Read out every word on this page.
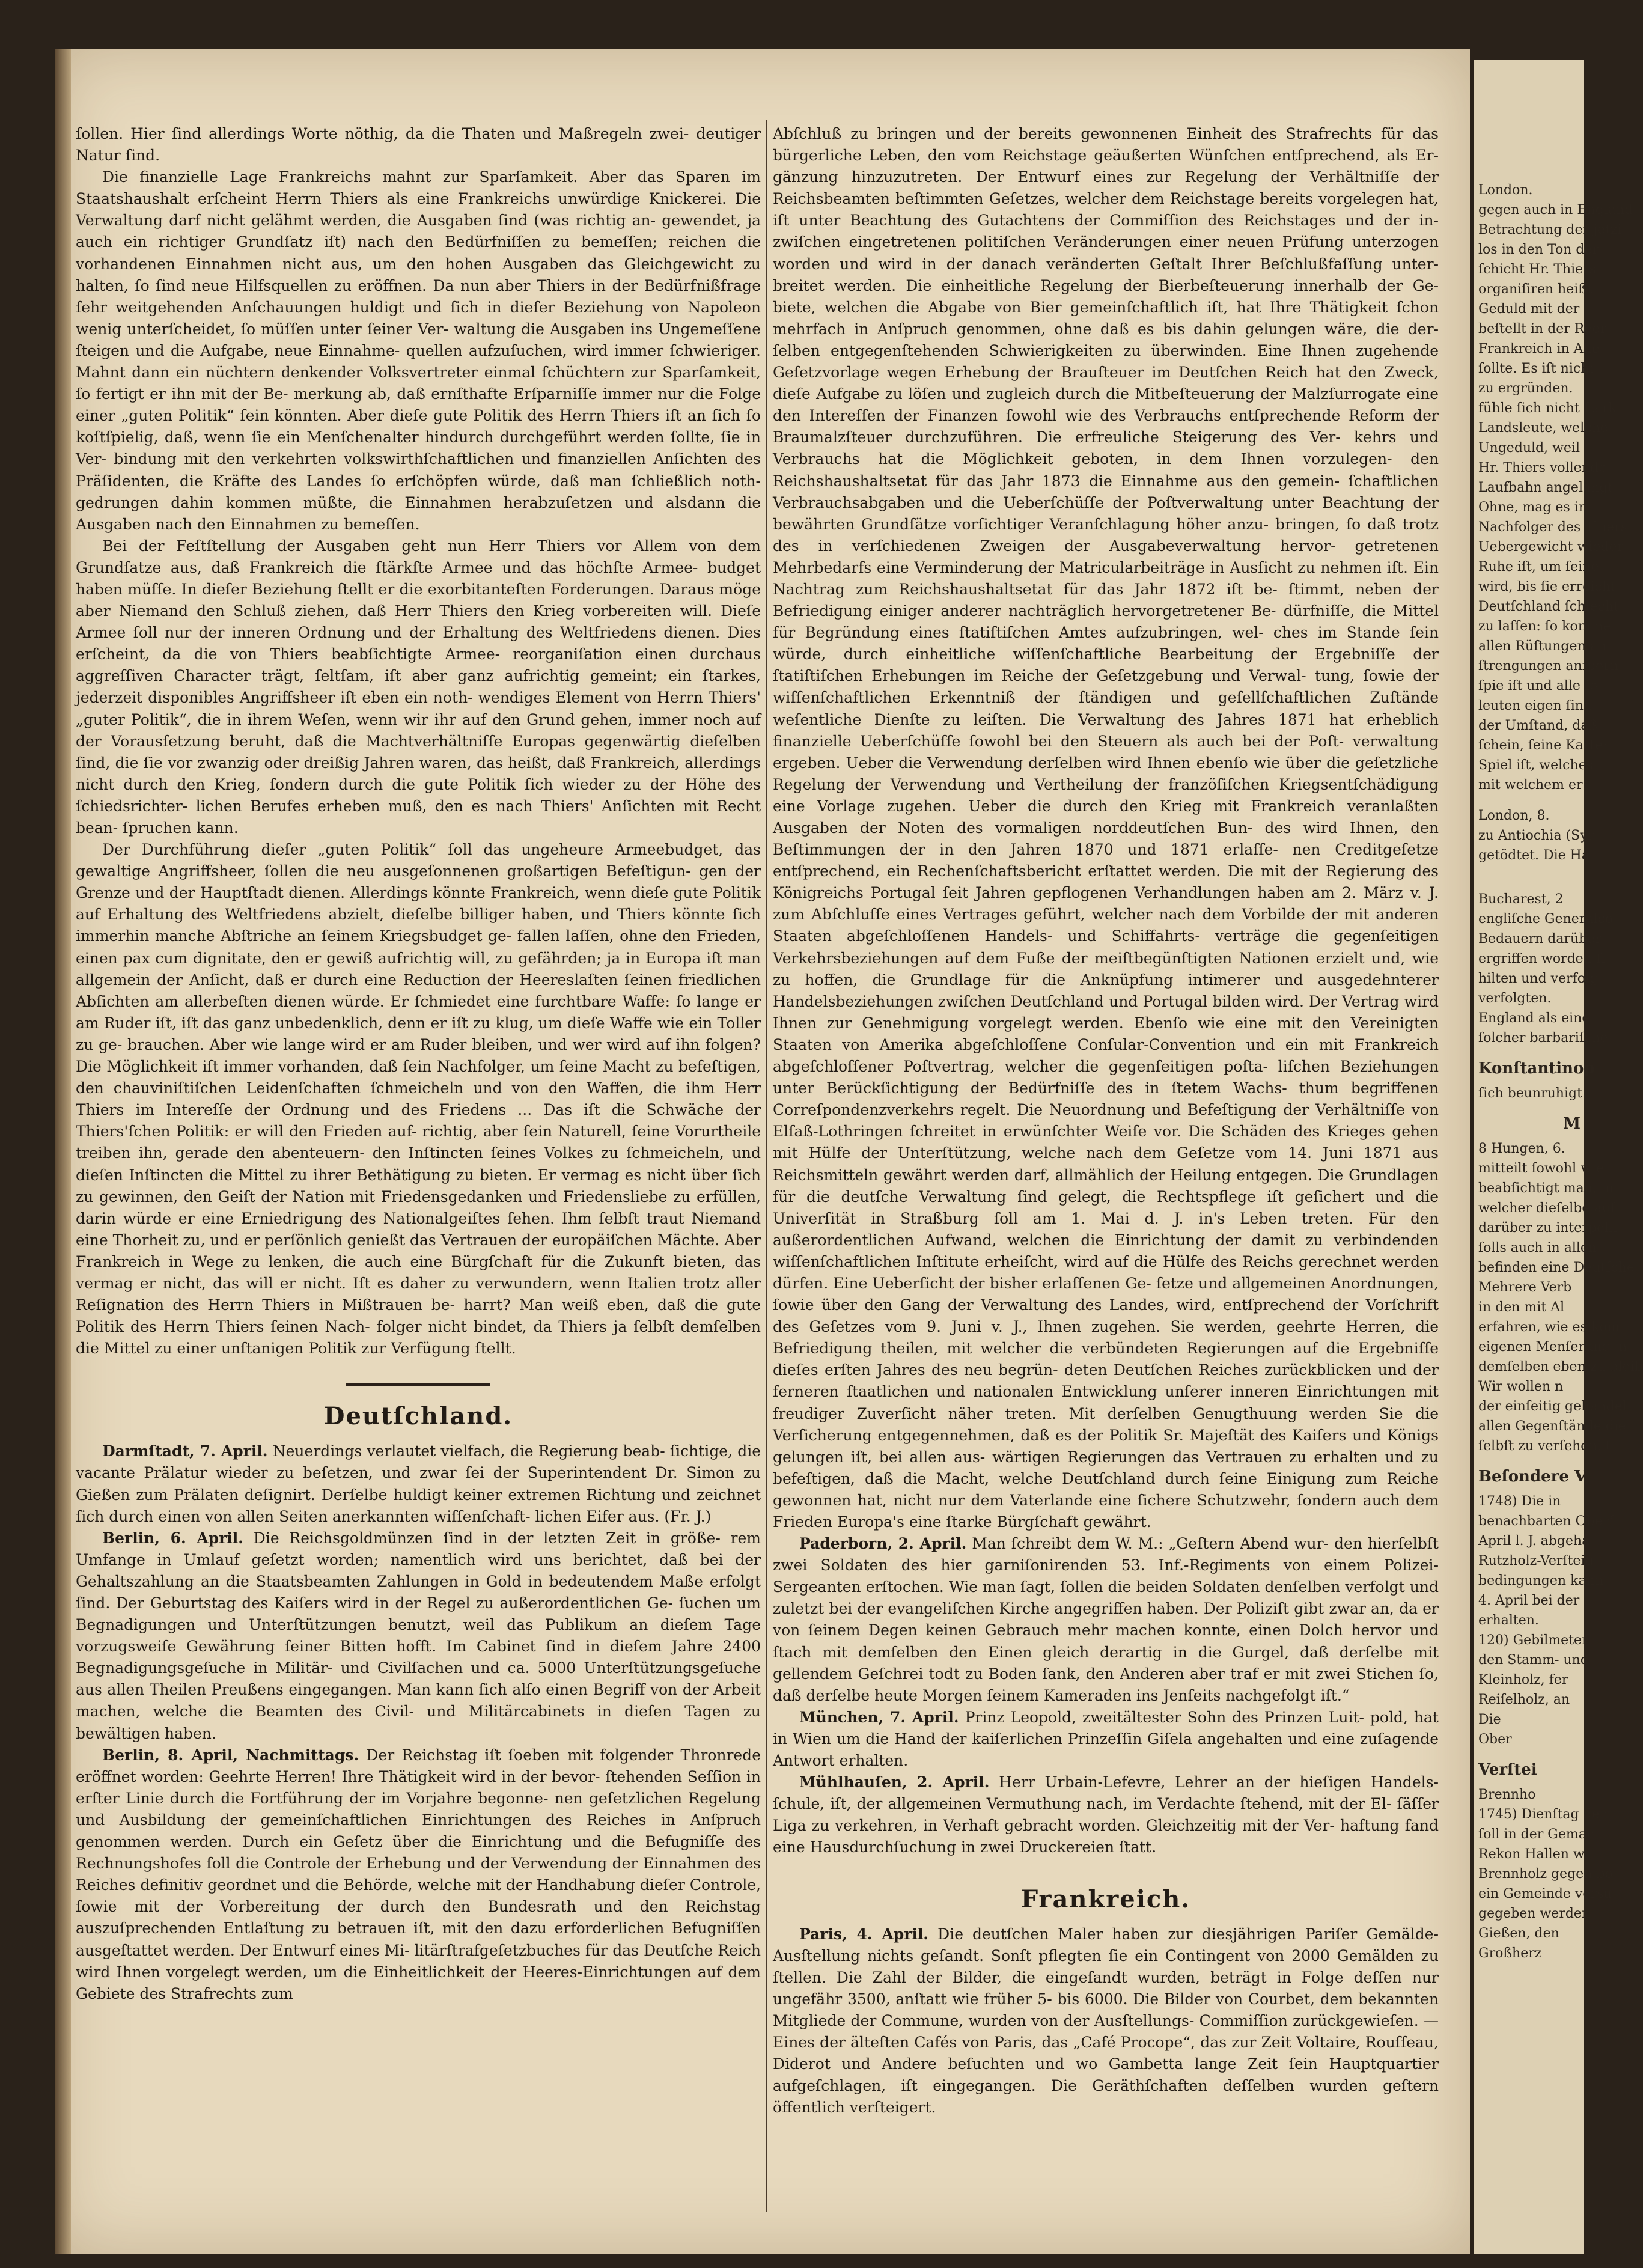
ſollen. Hier ſind allerdings Worte nöthig, da die Thaten und Maßregeln zwei- deutiger Natur ſind.

Die finanzielle Lage Frankreichs mahnt zur Sparſamkeit. Aber das Sparen im Staatshaushalt erſcheint Herrn Thiers als eine Frankreichs unwürdige Knickerei. Die Verwaltung darf nicht gelähmt werden, die Ausgaben ſind (was richtig an- gewendet, ja auch ein richtiger Grundſatz iſt) nach den Bedürfniſſen zu bemeſſen; reichen die vorhandenen Einnahmen nicht aus, um den hohen Ausgaben das Gleichgewicht zu halten, ſo ſind neue Hilfsquellen zu eröffnen. Da nun aber Thiers in der Bedürfnißfrage ſehr weitgehenden Anſchauungen huldigt und ſich in dieſer Beziehung von Napoleon wenig unterſcheidet, ſo müſſen unter ſeiner Ver- waltung die Ausgaben ins Ungemeſſene ſteigen und die Aufgabe, neue Einnahme- quellen aufzuſuchen, wird immer ſchwieriger. Mahnt dann ein nüchtern denkender Volksvertreter einmal ſchüchtern zur Sparſamkeit, ſo fertigt er ihn mit der Be- merkung ab, daß ernſthafte Erſparniſſe immer nur die Folge einer „guten Politik“ ſein könnten. Aber dieſe gute Politik des Herrn Thiers iſt an ſich ſo koſtſpielig, daß, wenn ſie ein Menſchenalter hindurch durchgeführt werden ſollte, ſie in Ver- bindung mit den verkehrten volkswirthſchaftlichen und finanziellen Anſichten des Präſidenten, die Kräfte des Landes ſo erſchöpfen würde, daß man ſchließlich noth- gedrungen dahin kommen müßte, die Einnahmen herabzuſetzen und alsdann die Ausgaben nach den Einnahmen zu bemeſſen.

Bei der Feſtſtellung der Ausgaben geht nun Herr Thiers vor Allem von dem Grundſatze aus, daß Frankreich die ſtärkſte Armee und das höchſte Armee- budget haben müſſe. In dieſer Beziehung ſtellt er die exorbitanteſten Forderungen. Daraus möge aber Niemand den Schluß ziehen, daß Herr Thiers den Krieg vorbereiten will. Dieſe Armee ſoll nur der inneren Ordnung und der Erhaltung des Weltfriedens dienen. Dies erſcheint, da die von Thiers beabſichtigte Armee- reorganiſation einen durchaus aggreſſiven Character trägt, ſeltſam, iſt aber ganz aufrichtig gemeint; ein ſtarkes, jederzeit disponibles Angriffsheer iſt eben ein noth- wendiges Element von Herrn Thiers' „guter Politik“, die in ihrem Weſen, wenn wir ihr auf den Grund gehen, immer noch auf der Vorausſetzung beruht, daß die Machtverhältniſſe Europas gegenwärtig dieſelben ſind, die ſie vor zwanzig oder dreißig Jahren waren, das heißt, daß Frankreich, allerdings nicht durch den Krieg, ſondern durch die gute Politik ſich wieder zu der Höhe des ſchiedsrichter- lichen Berufes erheben muß, den es nach Thiers' Anſichten mit Recht bean- ſpruchen kann.

Der Durchführung dieſer „guten Politik“ ſoll das ungeheure Armeebudget, das gewaltige Angriffsheer, ſollen die neu ausgeſonnenen großartigen Befeſtigun- gen der Grenze und der Hauptſtadt dienen. Allerdings könnte Frankreich, wenn dieſe gute Politik auf Erhaltung des Weltfriedens abzielt, dieſelbe billiger haben, und Thiers könnte ſich immerhin manche Abſtriche an ſeinem Kriegsbudget ge- fallen laſſen, ohne den Frieden, einen pax cum dignitate, den er gewiß aufrichtig will, zu gefährden; ja in Europa iſt man allgemein der Anſicht, daß er durch eine Reduction der Heereslaſten ſeinen friedlichen Abſichten am allerbeſten dienen würde. Er ſchmiedet eine furchtbare Waffe: ſo lange er am Ruder iſt, iſt das ganz unbedenklich, denn er iſt zu klug, um dieſe Waffe wie ein Toller zu ge- brauchen. Aber wie lange wird er am Ruder bleiben, und wer wird auf ihn folgen? Die Möglichkeit iſt immer vorhanden, daß ſein Nachfolger, um ſeine Macht zu befeſtigen, den chauviniſtiſchen Leidenſchaften ſchmeicheln und von den Waffen, die ihm Herr Thiers im Intereſſe der Ordnung und des Friedens ... Das iſt die Schwäche der Thiers'ſchen Politik: er will den Frieden auf- richtig, aber ſein Naturell, ſeine Vorurtheile treiben ihn, gerade den abenteuern- den Inſtincten ſeines Volkes zu ſchmeicheln, und dieſen Inſtincten die Mittel zu ihrer Bethätigung zu bieten. Er vermag es nicht über ſich zu gewinnen, den Geiſt der Nation mit Friedensgedanken und Friedensliebe zu erfüllen, darin würde er eine Erniedrigung des Nationalgeiſtes ſehen. Ihm ſelbſt traut Niemand eine Thorheit zu, und er perſönlich genießt das Vertrauen der europäiſchen Mächte. Aber Frankreich in Wege zu lenken, die auch eine Bürgſchaft für die Zukunft bieten, das vermag er nicht, das will er nicht. Iſt es daher zu verwundern, wenn Italien trotz aller Reſignation des Herrn Thiers in Mißtrauen be- harrt? Man weiß eben, daß die gute Politik des Herrn Thiers ſeinen Nach- folger nicht bindet, da Thiers ja ſelbſt demſelben die Mittel zu einer unſtanigen Politik zur Verfügung ſtellt.

Deutſchland.

Darmſtadt, 7. April. Neuerdings verlautet vielfach, die Regierung beab- ſichtige, die vacante Prälatur wieder zu beſetzen, und zwar ſei der Superintendent Dr. Simon zu Gießen zum Prälaten deſignirt. Derſelbe huldigt keiner extremen Richtung und zeichnet ſich durch einen von allen Seiten anerkannten wiſſenſchaft- lichen Eifer aus. (Fr. J.)

Berlin, 6. April. Die Reichsgoldmünzen ſind in der letzten Zeit in größe- rem Umfange in Umlauf geſetzt worden; namentlich wird uns berichtet, daß bei der Gehaltszahlung an die Staatsbeamten Zahlungen in Gold in bedeutendem Maße erfolgt ſind. Der Geburtstag des Kaiſers wird in der Regel zu außerordentlichen Ge- ſuchen um Begnadigungen und Unterſtützungen benutzt, weil das Publikum an dieſem Tage vorzugsweiſe Gewährung ſeiner Bitten hofft. Im Cabinet ſind in dieſem Jahre 2400 Begnadigungsgeſuche in Militär- und Civilſachen und ca. 5000 Unterſtützungsgeſuche aus allen Theilen Preußens eingegangen. Man kann ſich alſo einen Begriff von der Arbeit machen, welche die Beamten des Civil- und Militärcabinets in dieſen Tagen zu bewältigen haben.

Berlin, 8. April, Nachmittags. Der Reichstag iſt ſoeben mit folgender Thronrede eröffnet worden: Geehrte Herren! Ihre Thätigkeit wird in der bevor- ſtehenden Seſſion in erſter Linie durch die Fortführung der im Vorjahre begonne- nen geſetzlichen Regelung und Ausbildung der gemeinſchaftlichen Einrichtungen des Reiches in Anſpruch genommen werden. Durch ein Geſetz über die Einrichtung und die Befugniſſe des Rechnungshofes ſoll die Controle der Erhebung und der Verwendung der Einnahmen des Reiches definitiv geordnet und die Behörde, welche mit der Handhabung dieſer Controle, ſowie mit der Vorbereitung der durch den Bundesrath und den Reichstag auszuſprechenden Entlaſtung zu betrauen iſt, mit den dazu erforderlichen Befugniſſen ausgeſtattet werden. Der Entwurf eines Mi- litärſtrafgeſetzbuches für das Deutſche Reich wird Ihnen vorgelegt werden, um die Einheitlichkeit der Heeres-Einrichtungen auf dem Gebiete des Strafrechts zum

Abſchluß zu bringen und der bereits gewonnenen Einheit des Strafrechts für das bürgerliche Leben, den vom Reichstage geäußerten Wünſchen entſprechend, als Er- gänzung hinzuzutreten. Der Entwurf eines zur Regelung der Verhältniſſe der Reichsbeamten beſtimmten Geſetzes, welcher dem Reichstage bereits vorgelegen hat, iſt unter Beachtung des Gutachtens der Commiſſion des Reichstages und der in- zwiſchen eingetretenen politiſchen Veränderungen einer neuen Prüfung unterzogen worden und wird in der danach veränderten Geſtalt Ihrer Beſchlußfaſſung unter- breitet werden. Die einheitliche Regelung der Bierbeſteuerung innerhalb der Ge- biete, welchen die Abgabe von Bier gemeinſchaftlich iſt, hat Ihre Thätigkeit ſchon mehrfach in Anſpruch genommen, ohne daß es bis dahin gelungen wäre, die der- ſelben entgegenſtehenden Schwierigkeiten zu überwinden. Eine Ihnen zugehende Geſetzvorlage wegen Erhebung der Brauſteuer im Deutſchen Reich hat den Zweck, dieſe Aufgabe zu löſen und zugleich durch die Mitbeſteuerung der Malzſurrogate eine den Intereſſen der Finanzen ſowohl wie des Verbrauchs entſprechende Reform der Braumalzſteuer durchzuführen. Die erfreuliche Steigerung des Ver- kehrs und Verbrauchs hat die Möglichkeit geboten, in dem Ihnen vorzulegen- den Reichshaushaltsetat für das Jahr 1873 die Einnahme aus den gemein- ſchaftlichen Verbrauchsabgaben und die Ueberſchüſſe der Poſtverwaltung unter Beachtung der bewährten Grundſätze vorſichtiger Veranſchlagung höher anzu- bringen, ſo daß trotz des in verſchiedenen Zweigen der Ausgabeverwaltung hervor- getretenen Mehrbedarfs eine Verminderung der Matricularbeiträge in Ausſicht zu nehmen iſt. Ein Nachtrag zum Reichshaushaltsetat für das Jahr 1872 iſt be- ſtimmt, neben der Befriedigung einiger anderer nachträglich hervorgetretener Be- dürfniſſe, die Mittel für Begründung eines ſtatiſtiſchen Amtes aufzubringen, wel- ches im Stande ſein würde, durch einheitliche wiſſenſchaftliche Bearbeitung der Ergebniſſe der ſtatiſtiſchen Erhebungen im Reiche der Geſetzgebung und Verwal- tung, ſowie der wiſſenſchaftlichen Erkenntniß der ſtändigen und geſellſchaftlichen Zuſtände weſentliche Dienſte zu leiſten. Die Verwaltung des Jahres 1871 hat erheblich finanzielle Ueberſchüſſe ſowohl bei den Steuern als auch bei der Poſt- verwaltung ergeben. Ueber die Verwendung derſelben wird Ihnen ebenſo wie über die geſetzliche Regelung der Verwendung und Vertheilung der franzöſiſchen Kriegsentſchädigung eine Vorlage zugehen. Ueber die durch den Krieg mit Frankreich veranlaßten Ausgaben der Noten des vormaligen norddeutſchen Bun- des wird Ihnen, den Beſtimmungen der in den Jahren 1870 und 1871 erlaſſe- nen Creditgeſetze entſprechend, ein Rechenſchaftsbericht erſtattet werden. Die mit der Regierung des Königreichs Portugal ſeit Jahren gepflogenen Verhandlungen haben am 2. März v. J. zum Abſchluſſe eines Vertrages geführt, welcher nach dem Vorbilde der mit anderen Staaten abgeſchloſſenen Handels- und Schiffahrts- verträge die gegenſeitigen Verkehrsbeziehungen auf dem Fuße der meiſtbegünſtigten Nationen erzielt und, wie zu hoffen, die Grundlage für die Anknüpfung intimerer und ausgedehnterer Handelsbeziehungen zwiſchen Deutſchland und Portugal bilden wird. Der Vertrag wird Ihnen zur Genehmigung vorgelegt werden. Ebenſo wie eine mit den Vereinigten Staaten von Amerika abgeſchloſſene Conſular-Convention und ein mit Frankreich abgeſchloſſener Poſtvertrag, welcher die gegenſeitigen poſta- liſchen Beziehungen unter Berückſichtigung der Bedürfniſſe des in ſtetem Wachs- thum begriffenen Correſpondenzverkehrs regelt. Die Neuordnung und Befeſtigung der Verhältniſſe von Elſaß-Lothringen ſchreitet in erwünſchter Weiſe vor. Die Schäden des Krieges gehen mit Hülfe der Unterſtützung, welche nach dem Geſetze vom 14. Juni 1871 aus Reichsmitteln gewährt werden darf, allmählich der Heilung entgegen. Die Grundlagen für die deutſche Verwaltung ſind gelegt, die Rechtspflege iſt geſichert und die Univerſität in Straßburg ſoll am 1. Mai d. J. in's Leben treten. Für den außerordentlichen Aufwand, welchen die Einrichtung der damit zu verbindenden wiſſenſchaftlichen Inſtitute erheiſcht, wird auf die Hülfe des Reichs gerechnet werden dürfen. Eine Ueberſicht der bisher erlaſſenen Ge- ſetze und allgemeinen Anordnungen, ſowie über den Gang der Verwaltung des Landes, wird, entſprechend der Vorſchrift des Geſetzes vom 9. Juni v. J., Ihnen zugehen. Sie werden, geehrte Herren, die Befriedigung theilen, mit welcher die verbündeten Regierungen auf die Ergebniſſe dieſes erſten Jahres des neu begrün- deten Deutſchen Reiches zurückblicken und der ferneren ſtaatlichen und nationalen Entwicklung unſerer inneren Einrichtungen mit freudiger Zuverſicht näher treten. Mit derſelben Genugthuung werden Sie die Verſicherung entgegennehmen, daß es der Politik Sr. Majeſtät des Kaiſers und Königs gelungen iſt, bei allen aus- wärtigen Regierungen das Vertrauen zu erhalten und zu befeſtigen, daß die Macht, welche Deutſchland durch ſeine Einigung zum Reiche gewonnen hat, nicht nur dem Vaterlande eine ſichere Schutzwehr, ſondern auch dem Frieden Europa's eine ſtarke Bürgſchaft gewährt.

Paderborn, 2. April. Man ſchreibt dem W. M.: „Geſtern Abend wur- den hierſelbſt zwei Soldaten des hier garniſonirenden 53. Inf.-Regiments von einem Polizei-Sergeanten erſtochen. Wie man ſagt, ſollen die beiden Soldaten denſelben verfolgt und zuletzt bei der evangeliſchen Kirche angegriffen haben. Der Poliziſt gibt zwar an, da er von ſeinem Degen keinen Gebrauch mehr machen konnte, einen Dolch hervor und ſtach mit demſelben den Einen gleich derartig in die Gurgel, daß derſelbe mit gellendem Geſchrei todt zu Boden ſank, den Anderen aber traf er mit zwei Stichen ſo, daß derſelbe heute Morgen ſeinem Kameraden ins Jenſeits nachgefolgt iſt.“

München, 7. April. Prinz Leopold, zweitältester Sohn des Prinzen Luit- pold, hat in Wien um die Hand der kaiſerlichen Prinzeſſin Giſela angehalten und eine zuſagende Antwort erhalten.

Mühlhauſen, 2. April. Herr Urbain-Lefevre, Lehrer an der hieſigen Handels- ſchule, iſt, der allgemeinen Vermuthung nach, im Verdachte ſtehend, mit der El- ſäſſer Liga zu verkehren, in Verhaft gebracht worden. Gleichzeitig mit der Ver- haftung fand eine Hausdurchſuchung in zwei Druckereien ſtatt.

Frankreich.

Paris, 4. April. Die deutſchen Maler haben zur diesjährigen Pariſer Gemälde-Ausſtellung nichts geſandt. Sonſt pflegten ſie ein Contingent von 2000 Gemälden zu ſtellen. Die Zahl der Bilder, die eingeſandt wurden, beträgt in Folge deſſen nur ungefähr 3500, anſtatt wie früher 5- bis 6000. Die Bilder von Courbet, dem bekannten Mitgliede der Commune, wurden von der Ausſtellungs- Commiſſion zurückgewieſen. — Eines der älteſten Cafés von Paris, das „Café Procope“, das zur Zeit Voltaire, Rouſſeau, Diderot und Andere beſuchten und wo Gambetta lange Zeit ſein Hauptquartier aufgeſchlagen, iſt eingegangen. Die Geräthſchaften deſſelben wurden geſtern öffentlich verſteigert.

London.
gegen auch in England
Betrachtung der jetzi
los in den Ton der
ſchicht Hr. Thiers
organiſiren heißt
Geduld mit der
beſtellt in der Reor
Frankreich in Alle
ſollte. Es iſt nicht
zu ergründen.
fühle ſich nicht ſtark
Landsleute, welche
Ungeduld, weil
Hr. Thiers vollende
Laufbahn angelangt
Ohne, mag es in
Nachfolger des Thiers
Uebergewicht wieder
Ruhe iſt, um ſeine
wird, bis ſie erreicht
Deutſchland ſchlecht
zu laſſen: ſo komme
allen Rüſtungen an
ſtrengungen anſporn
ſpie iſt und alle ſo
leuten eigen ſind.
der Umſtand, daß
ſchein, ſeine Karten
Spiel iſt, welches
mit welchem er
London, 8.
zu Antiochia (Syr
getödtet. Die Ha
Bucharest, 2
engliſche Generalco
Bedauern darüber
ergriffen worden ſi
hilten und verfolg
verfolgten.
England als eine
ſolcher barbariſche
Konſtantinop
ſich beunruhigt.
M
8 Hungen, 6.
mitteilt ſowohl wie
beabſichtigt man, in
welcher dieſelbe auf
darüber zu interpelli
ſolls auch in allen
befinden eine Deutſche
Mehrere Verb
in den mit Al
erfahren, wie es kom
eigenen Menſerung, n
demſelben eben zu bleib
Wir wollen n
der einſeitig gehandel
allen Gegenſtände die
ſelbſt zu verſehen, t
Beſondere V
1748) Die in
benachbarten Oberf
April l. J. abgeha
Rutzholz-Verſteig
bedingungen kann
4. April bei der
erhalten.
120) Gebilmeter
den Stamm- und
Kleinholz, fer
Reiſelholz, an
Die
Ober
Verſtei
Brennho
1745) Dienſtag den
ſoll in der Gemar
Rekon Hallen wi
Brennholz gegen bo
ein Gemeinde versu
gegeben werden
Gießen, den
Großherz
